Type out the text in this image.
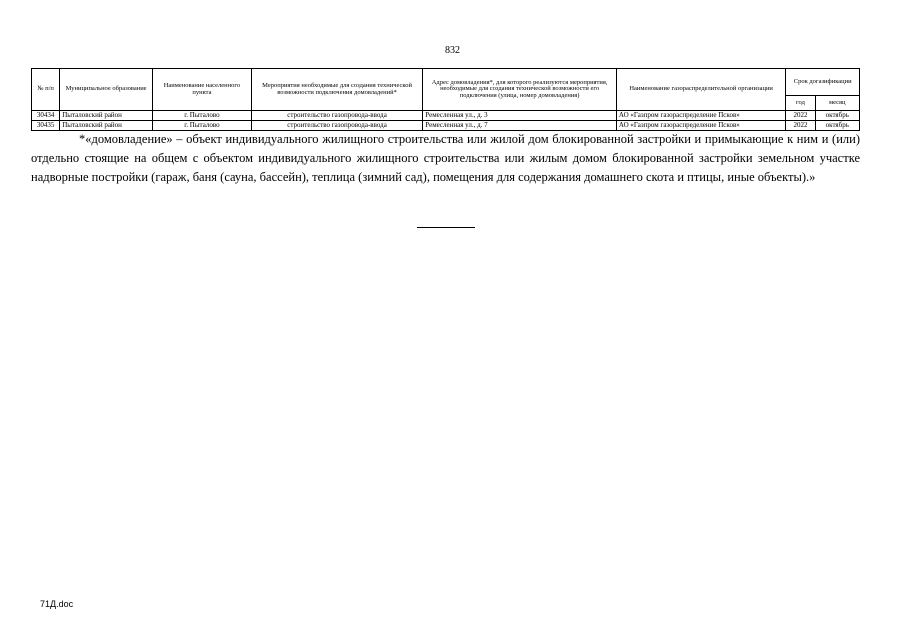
832
№ п/п	Муниципальное образование	Наименование населенного пункта	Мероприятия необходимые для создания технической возможности подключения домовладений*	Адрес домовладения*, для которого реализуются мероприятия, необходимые для создания технической возможности его подключения (улица, номер домовладения)	Наименование газораспределительной организации	Срок догазификации	
						год	месяц
30434	Пыталовский район	г. Пыталово	строительство газопровода-ввода	Ремесленная ул., д. 3	АО «Газпром газораспределение Псков»	2022	октябрь
30435	Пыталовский район	г. Пыталово	строительство газопровода-ввода	Ремесленная ул., д. 7	АО «Газпром газораспределение Псков»	2022	октябрь

*«домовладение» – объект индивидуального жилищного строительства или жилой дом блокированной застройки и примыкающие к ним и (или) отдельно стоящие на общем с объектом индивидуального жилищного строительства или жилым домом блокированной застройки земельном участке надворные постройки (гараж, баня (сауна, бассейн), теплица (зимний сад), помещения для содержания домашнего скота и птицы, иные объекты).»

71Д.doc
